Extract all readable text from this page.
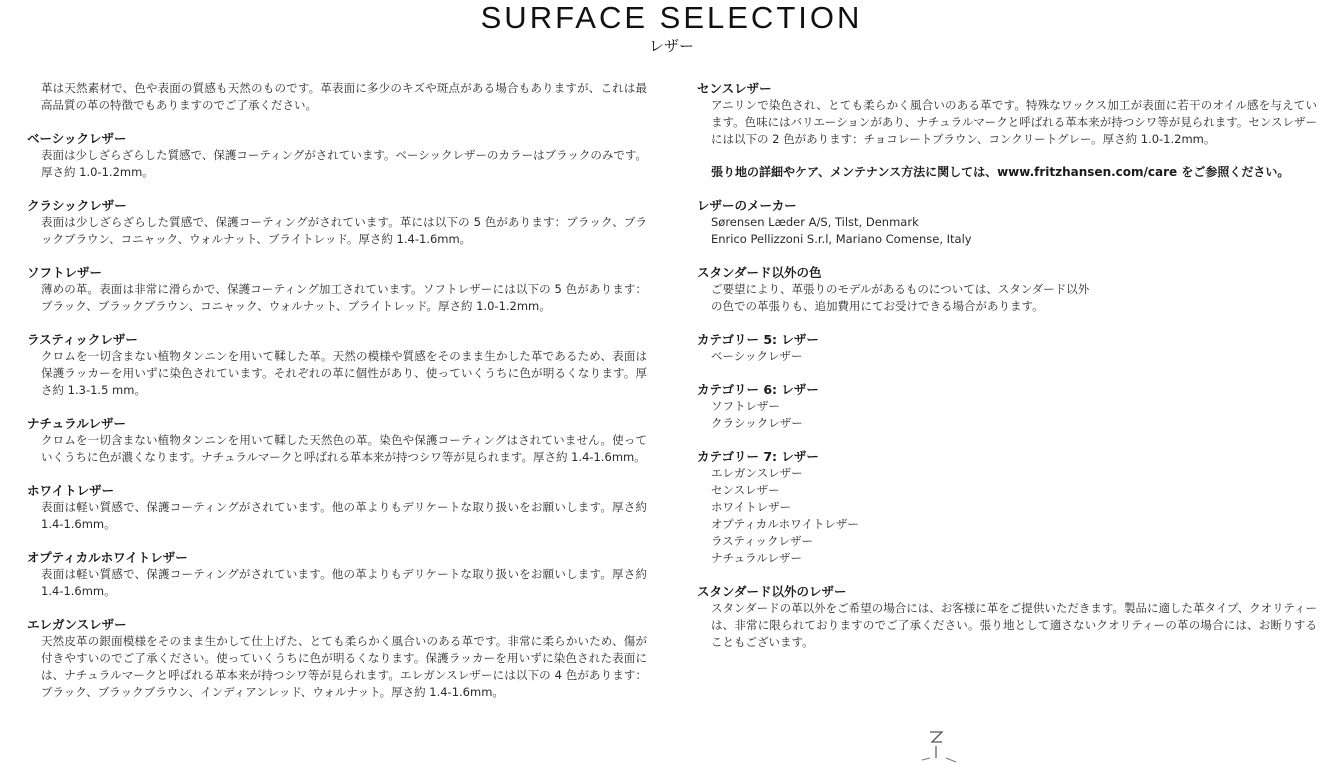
SURFACE SELECTION
レザー
革は天然素材で、色や表面の質感も天然のものです。革表面に多少のキズや斑点がある場合もありますが、これは最高品質の革の特徴でもありますのでご了承ください。
ベーシックレザー
表面は少しざらざらした質感で、保護コーティングがされています。ベーシックレザーのカラーはブラックのみです。厚さ約 1.0-1.2mm。
クラシックレザー
表面は少しざらざらした質感で、保護コーティングがされています。革には以下の 5 色があります：ブラック、ブラックブラウン、コニャック、ウォルナット、ブライトレッド。厚さ約 1.4-1.6mm。
ソフトレザー
薄めの革。表面は非常に滑らかで、保護コーティング加工されています。ソフトレザーには以下の 5 色があります：ブラック、ブラックブラウン、コニャック、ウォルナット、ブライトレッド。厚さ約 1.0-1.2mm。
ラスティックレザー
クロムを一切含まない植物タンニンを用いて鞣した革。天然の模様や質感をそのまま生かした革であるため、表面は保護ラッカーを用いずに染色されています。それぞれの革に個性があり、使っていくうちに色が明るくなります。厚さ約 1.3-1.5 mm。
ナチュラルレザー
クロムを一切含まない植物タンニンを用いて鞣した天然色の革。染色や保護コーティングはされていません。使っていくうちに色が濃くなります。ナチュラルマークと呼ばれる革本来が持つシワ等が見られます。厚さ約 1.4-1.6mm。
ホワイトレザー
表面は軽い質感で、保護コーティングがされています。他の革よりもデリケートな取り扱いをお願いします。厚さ約 1.4-1.6mm。
オプティカルホワイトレザー
表面は軽い質感で、保護コーティングがされています。他の革よりもデリケートな取り扱いをお願いします。厚さ約 1.4-1.6mm。
エレガンスレザー
天然皮革の銀面模様をそのまま生かして仕上げた、とても柔らかく風合いのある革です。非常に柔らかいため、傷が付きやすいのでご了承ください。使っていくうちに色が明るくなります。保護ラッカーを用いずに染色された表面には、ナチュラルマークと呼ばれる革本来が持つシワ等が見られます。エレガンスレザーには以下の 4 色があります：ブラック、ブラックブラウン、インディアンレッド、ウォルナット。厚さ約 1.4-1.6mm。
センスレザー
アニリンで染色され、とても柔らかく風合いのある革です。特殊なワックス加工が表面に若干のオイル感を与えています。色味にはバリエーションがあり、ナチュラルマークと呼ばれる革本来が持つシワ等が見られます。センスレザーには以下の 2 色があります：チョコレートブラウン、コンクリートグレー。厚さ約 1.0-1.2mm。
張り地の詳細やケア、メンテナンス方法に関しては、www.fritzhansen.com/care をご参照ください。
レザーのメーカー
Sørensen Læder A/S, Tilst, Denmark
Enrico Pellizzoni S.r.l, Mariano Comense, Italy
スタンダード以外の色
ご要望により、革張りのモデルがあるものについては、スタンダード以外
の色での革張りも、追加費用にてお受けできる場合があります。
カテゴリー 5: レザー
ベーシックレザー
カテゴリー 6: レザー
ソフトレザー
クラシックレザー
カテゴリー 7: レザー
エレガンスレザー
センスレザー
ホワイトレザー
オプティカルホワイトレザー
ラスティックレザー
ナチュラルレザー
スタンダード以外のレザー
スタンダードの革以外をご希望の場合には、お客様に革をご提供いただきます。製品に適した革タイプ、クオリティーは、非常に限られておりますのでご了承ください。張り地として適さないクオリティーの革の場合には、お断りすることもございます。
